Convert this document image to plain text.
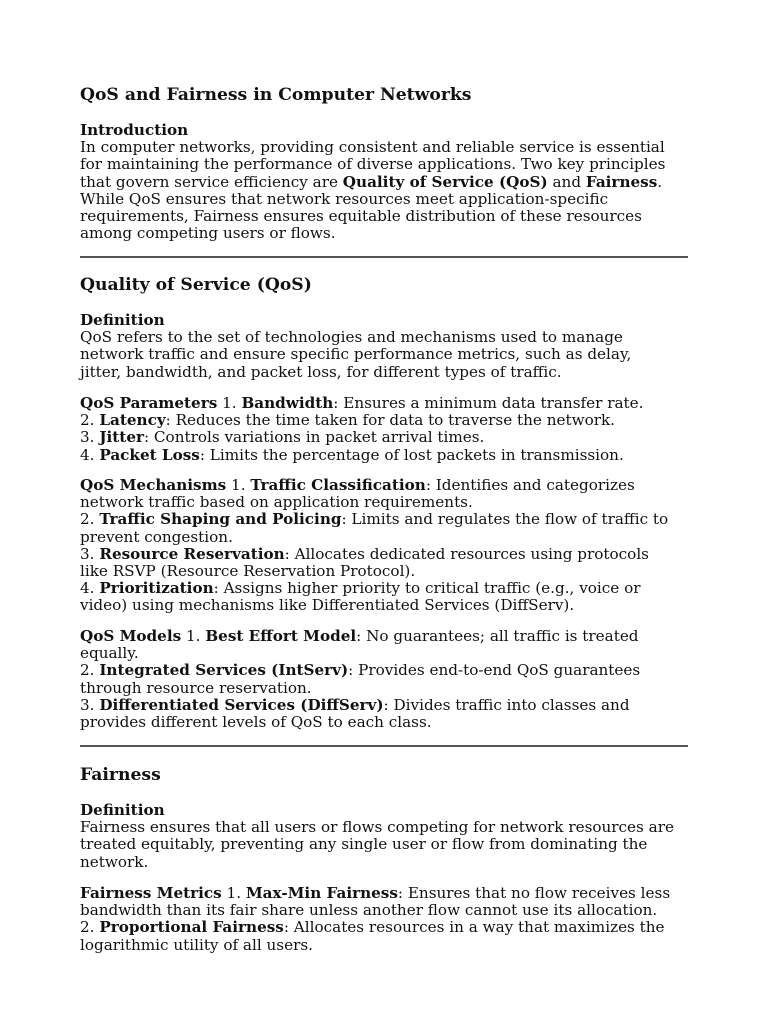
QoS and Fairness in Computer Networks
Introduction
In computer networks, providing consistent and reliable service is essential
for maintaining the performance of diverse applications. Two key principles
that govern service efficiency are Quality of Service (QoS) and Fairness.
While QoS ensures that network resources meet application-specific
requirements, Fairness ensures equitable distribution of these resources
among competing users or flows.
Quality of Service (QoS)
Definition
QoS refers to the set of technologies and mechanisms used to manage
network traffic and ensure specific performance metrics, such as delay,
jitter, bandwidth, and packet loss, for different types of traffic.
QoS Parameters 1. Bandwidth: Ensures a minimum data transfer rate.
2. Latency: Reduces the time taken for data to traverse the network.
3. Jitter: Controls variations in packet arrival times.
4. Packet Loss: Limits the percentage of lost packets in transmission.
QoS Mechanisms 1. Traffic Classification: Identifies and categorizes
network traffic based on application requirements.
2. Traffic Shaping and Policing: Limits and regulates the flow of traffic to
prevent congestion.
3. Resource Reservation: Allocates dedicated resources using protocols
like RSVP (Resource Reservation Protocol).
4. Prioritization: Assigns higher priority to critical traffic (e.g., voice or
video) using mechanisms like Differentiated Services (DiffServ).
QoS Models 1. Best Effort Model: No guarantees; all traffic is treated
equally.
2. Integrated Services (IntServ): Provides end-to-end QoS guarantees
through resource reservation.
3. Differentiated Services (DiffServ): Divides traffic into classes and
provides different levels of QoS to each class.
Fairness
Definition
Fairness ensures that all users or flows competing for network resources are
treated equitably, preventing any single user or flow from dominating the
network.
Fairness Metrics 1. Max-Min Fairness: Ensures that no flow receives less
bandwidth than its fair share unless another flow cannot use its allocation.
2. Proportional Fairness: Allocates resources in a way that maximizes the
logarithmic utility of all users.
